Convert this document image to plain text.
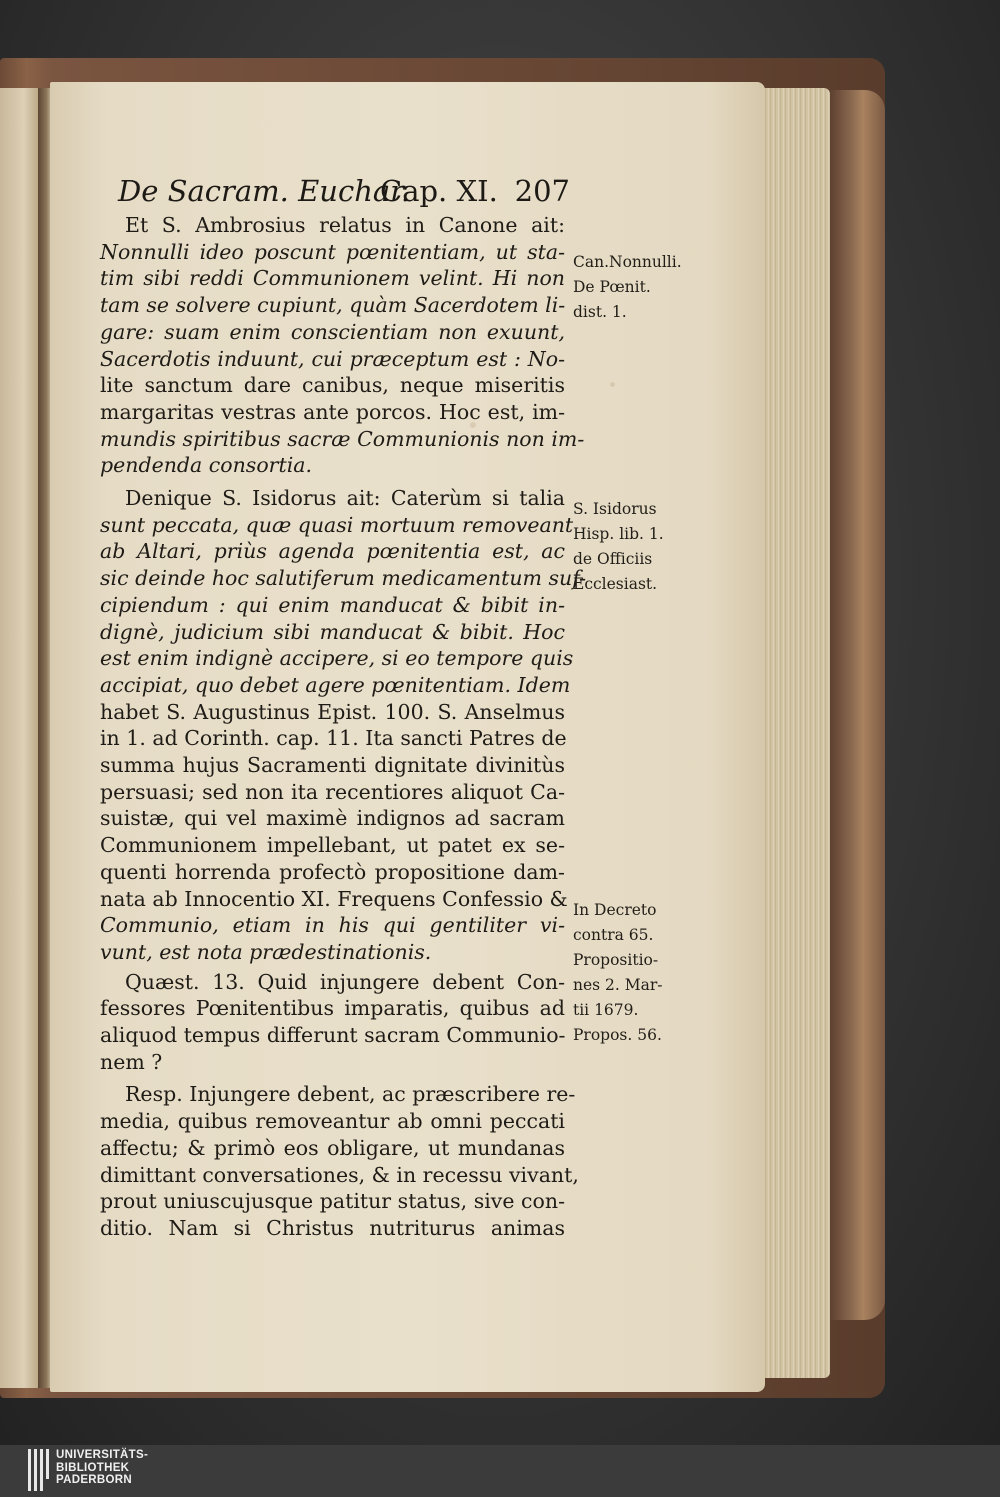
De Sacram. Euchar.
Cap. XI. 207
Et S. Ambrosius relatus in Canone ait:
Nonnulli ideo poscunt pœnitentiam, ut sta-
tim sibi reddi Communionem velint. Hi non
tam se solvere cupiunt, quàm Sacerdotem li-
gare: suam enim conscientiam non exuunt,
Sacerdotis induunt, cui præceptum est : No-
lite sanctum dare canibus, neque miseritis
margaritas vestras ante porcos. Hoc est, im-
mundis spiritibus sacræ Communionis non im-
pendenda consortia.
Denique S. Isidorus ait: Caterùm si talia
sunt peccata, quæ quasi mortuum removeant
ab Altari, priùs agenda pœnitentia est, ac
sic deinde hoc salutiferum medicamentum suf-
cipiendum : qui enim manducat & bibit in-
dignè, judicium sibi manducat & bibit. Hoc
est enim indignè accipere, si eo tempore quis
accipiat, quo debet agere pœnitentiam. Idem
habet S. Augustinus Epist. 100. S. Anselmus
in 1. ad Corinth. cap. 11. Ita sancti Patres de
summa hujus Sacramenti dignitate divinitùs
persuasi; sed non ita recentiores aliquot Ca-
suistæ, qui vel maximè indignos ad sacram
Communionem impellebant, ut patet ex se-
quenti horrenda profectò propositione dam-
nata ab Innocentio XI. Frequens Confessio &
Communio, etiam in his qui gentiliter vi-
vunt, est nota prædestinationis.
Quæst. 13. Quid injungere debent Con-
fessores Pœnitentibus imparatis, quibus ad
aliquod tempus differunt sacram Communio-
nem ?
Resp. Injungere debent, ac præscribere re-
media, quibus removeantur ab omni peccati
affectu; & primò eos obligare, ut mundanas
dimittant conversationes, & in recessu vivant,
prout uniuscujusque patitur status, sive con-
ditio. Nam si Christus nutriturus animas
Can.Nonnulli.
De Pœnit.
dist. 1.
S. Isidorus
Hisp. lib. 1.
de Officiis
Ecclesiast.
In Decreto
contra 65.
Propositio-
nes 2. Mar-
tii 1679.
Propos. 56.
UNIVERSITÄTS-
BIBLIOTHEK
PADERBORN
